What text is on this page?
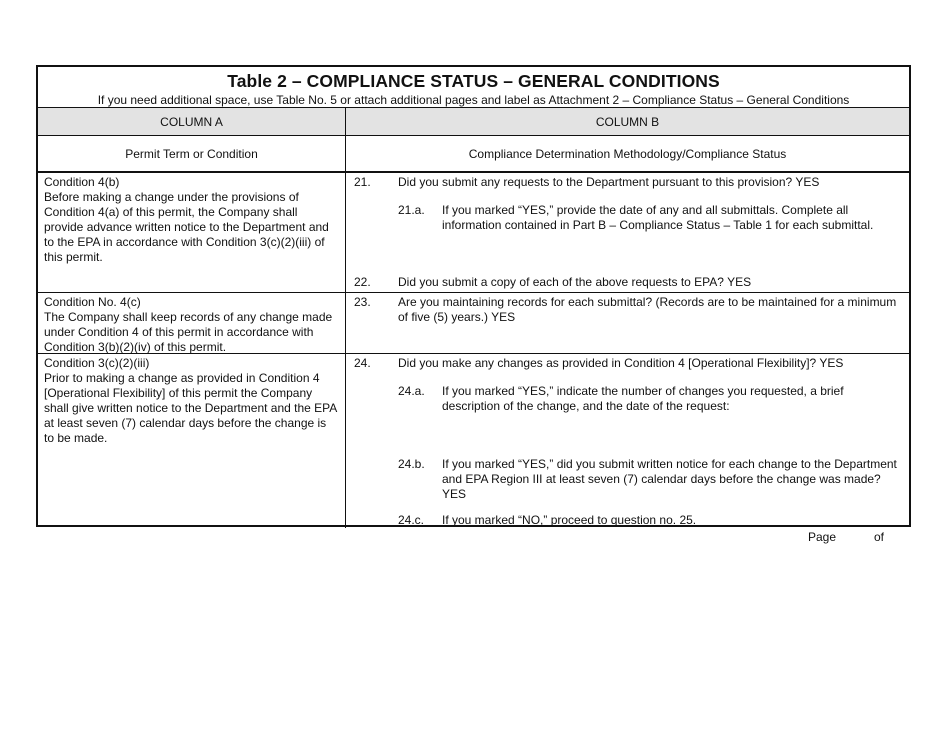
Table 2 – COMPLIANCE STATUS – GENERAL CONDITIONS
If you need additional space, use Table No. 5 or attach additional pages and label as Attachment 2 – Compliance Status – General Conditions
COLUMN A	COLUMN B
Permit Term or Condition	Compliance Determination Methodology/Compliance Status
Condition 4(b)
Before making a change under the provisions of Condition 4(a) of this permit, the Company shall provide advance written notice to the Department and to the EPA in accordance with Condition 3(c)(2)(iii) of this permit.
21.	Did you submit any requests to the Department pursuant to this provision? YES
21.a.	If you marked “YES,” provide the date of any and all submittals. Complete all information contained in Part B – Compliance Status – Table 1 for each submittal.
22.	Did you submit a copy of each of the above requests to EPA? YES
Condition No. 4(c)
The Company shall keep records of any change made under Condition 4 of this permit in accordance with Condition 3(b)(2)(iv) of this permit.
23.	Are you maintaining records for each submittal? (Records are to be maintained for a minimum of five (5) years.) YES
Condition 3(c)(2)(iii)
Prior to making a change as provided in Condition 4 [Operational Flexibility] of this permit the Company shall give written notice to the Department and the EPA at least seven (7) calendar days before the change is to be made.
24.	Did you make any changes as provided in Condition 4 [Operational Flexibility]? YES
24.a.	If you marked “YES,” indicate the number of changes you requested, a brief description of the change, and the date of the request:
24.b.	If you marked “YES,” did you submit written notice for each change to the Department and EPA Region III at least seven (7) calendar days before the change was made?
YES
24.c.	If you marked “NO,” proceed to question no. 25.
Page	of
